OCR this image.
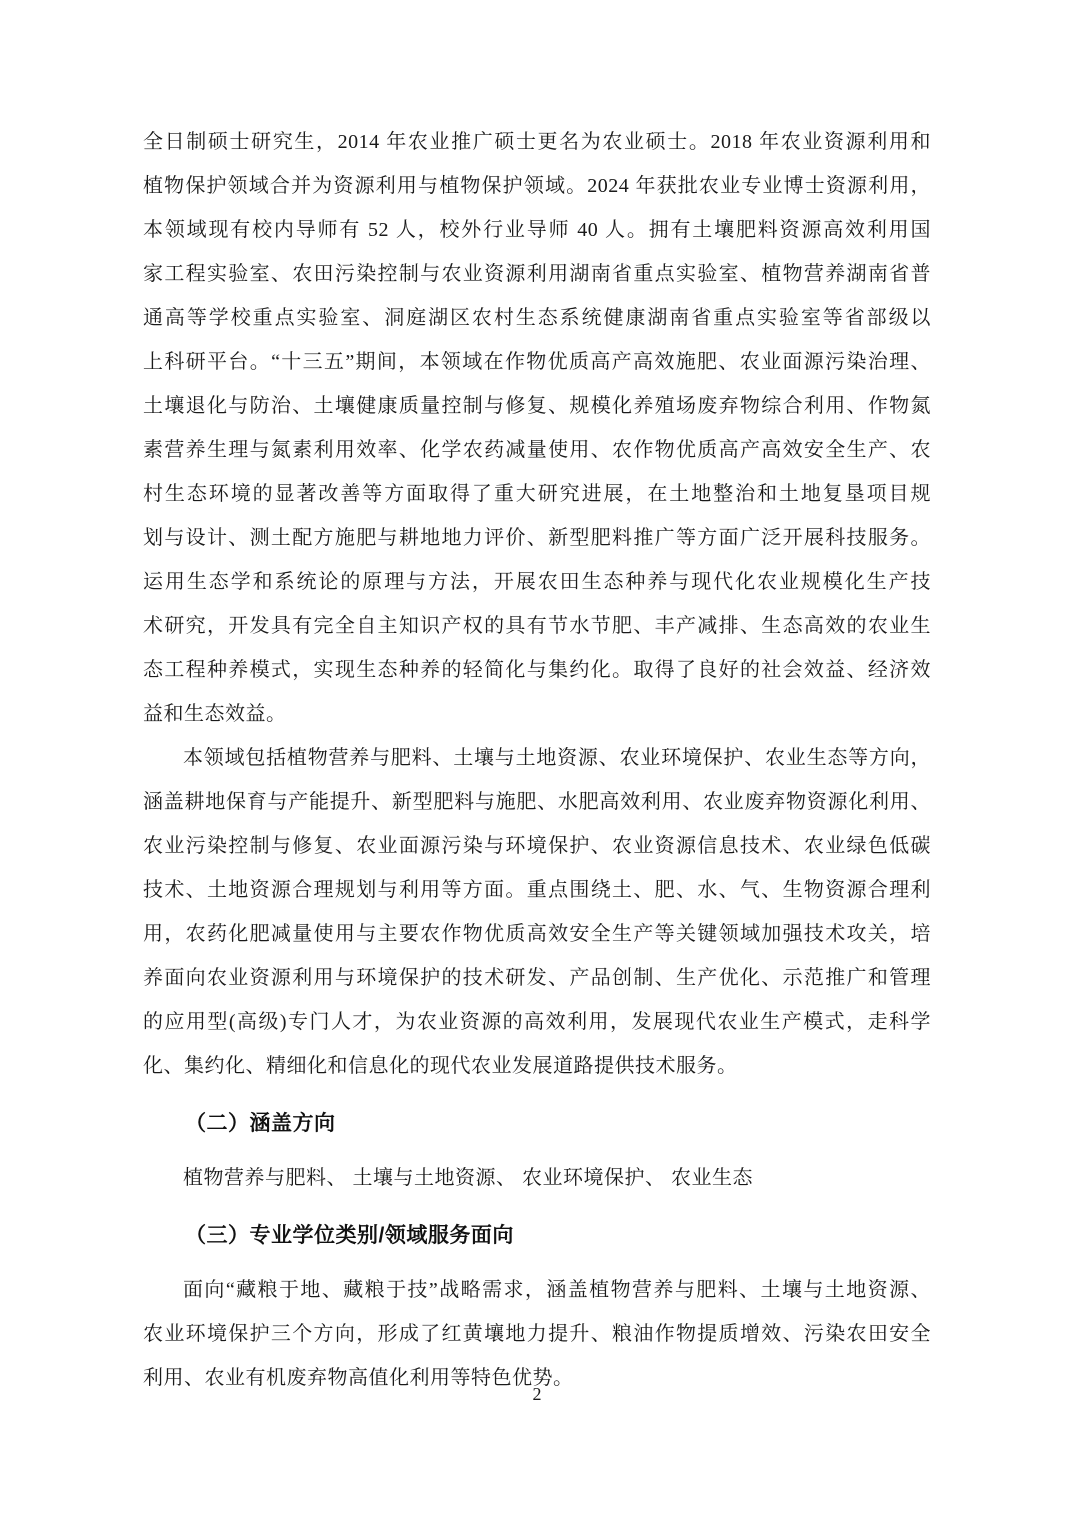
全日制硕士研究生，2014 年农业推广硕士更名为农业硕士。2018 年农业资源利用和
植物保护领域合并为资源利用与植物保护领域。2024 年获批农业专业博士资源利用，
本领域现有校内导师有 52 人，校外行业导师 40 人。拥有土壤肥料资源高效利用国
家工程实验室、农田污染控制与农业资源利用湖南省重点实验室、植物营养湖南省普
通高等学校重点实验室、洞庭湖区农村生态系统健康湖南省重点实验室等省部级以
上科研平台。“十三五”期间，本领域在作物优质高产高效施肥、农业面源污染治理、
土壤退化与防治、土壤健康质量控制与修复、规模化养殖场废弃物综合利用、作物氮
素营养生理与氮素利用效率、化学农药减量使用、农作物优质高产高效安全生产、农
村生态环境的显著改善等方面取得了重大研究进展，在土地整治和土地复垦项目规
划与设计、测土配方施肥与耕地地力评价、新型肥料推广等方面广泛开展科技服务。
运用生态学和系统论的原理与方法，开展农田生态种养与现代化农业规模化生产技
术研究，开发具有完全自主知识产权的具有节水节肥、丰产减排、生态高效的农业生
态工程种养模式，实现生态种养的轻简化与集约化。取得了良好的社会效益、经济效
益和生态效益。
本领域包括植物营养与肥料、土壤与土地资源、农业环境保护、农业生态等方向，
涵盖耕地保育与产能提升、新型肥料与施肥、水肥高效利用、农业废弃物资源化利用、
农业污染控制与修复、农业面源污染与环境保护、农业资源信息技术、农业绿色低碳
技术、土地资源合理规划与利用等方面。重点围绕土、肥、水、气、生物资源合理利
用，农药化肥减量使用与主要农作物优质高效安全生产等关键领域加强技术攻关，培
养面向农业资源利用与环境保护的技术研发、产品创制、生产优化、示范推广和管理
的应用型(高级)专门人才，为农业资源的高效利用，发展现代农业生产模式，走科学
化、集约化、精细化和信息化的现代农业发展道路提供技术服务。
（二）涵盖方向
植物营养与肥料、 土壤与土地资源、 农业环境保护、 农业生态
（三）专业学位类别/领域服务面向
面向“藏粮于地、藏粮于技”战略需求，涵盖植物营养与肥料、土壤与土地资源、
农业环境保护三个方向，形成了红黄壤地力提升、粮油作物提质增效、污染农田安全
利用、农业有机废弃物高值化利用等特色优势。
2
